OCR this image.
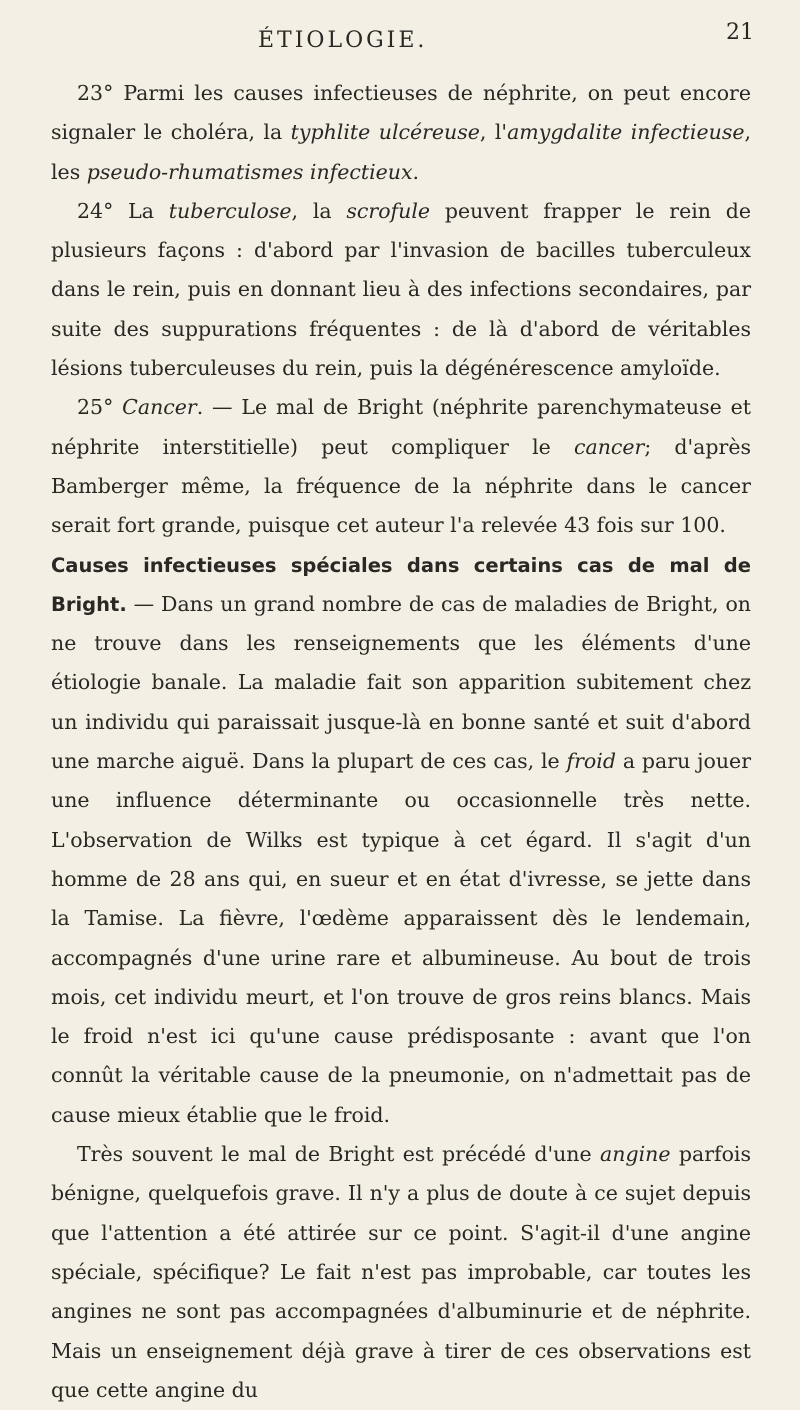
ÉTIOLOGIE.	21

23° Parmi les causes infectieuses de néphrite, on peut encore signaler le choléra, la typhlite ulcéreuse, l'amygdalite infectieuse, les pseudo-rhumatismes infectieux.

24° La tuberculose, la scrofule peuvent frapper le rein de plusieurs façons : d'abord par l'invasion de bacilles tuberculeux dans le rein, puis en donnant lieu à des infections secondaires, par suite des suppurations fréquentes : de là d'abord de véritables lésions tuberculeuses du rein, puis la dégénérescence amyloïde.

25° Cancer. — Le mal de Bright (néphrite parenchymateuse et néphrite interstitielle) peut compliquer le cancer; d'après Bamberger même, la fréquence de la néphrite dans le cancer serait fort grande, puisque cet auteur l'a relevée 43 fois sur 100.

Causes infectieuses spéciales dans certains cas de mal de Bright. — Dans un grand nombre de cas de maladies de Bright, on ne trouve dans les renseignements que les éléments d'une étiologie banale. La maladie fait son apparition subitement chez un individu qui paraissait jusque-là en bonne santé et suit d'abord une marche aiguë. Dans la plupart de ces cas, le froid a paru jouer une influence déterminante ou occasionnelle très nette. L'observation de Wilks est typique à cet égard. Il s'agit d'un homme de 28 ans qui, en sueur et en état d'ivresse, se jette dans la Tamise. La fièvre, l'œdème apparaissent dès le lendemain, accompagnés d'une urine rare et albumineuse. Au bout de trois mois, cet individu meurt, et l'on trouve de gros reins blancs. Mais le froid n'est ici qu'une cause prédisposante : avant que l'on connût la véritable cause de la pneumonie, on n'admettait pas de cause mieux établie que le froid.

Très souvent le mal de Bright est précédé d'une angine parfois bénigne, quelquefois grave. Il n'y a plus de doute à ce sujet depuis que l'attention a été attirée sur ce point. S'agit-il d'une angine spéciale, spécifique? Le fait n'est pas improbable, car toutes les angines ne sont pas accompagnées d'albuminurie et de néphrite. Mais un enseignement déjà grave à tirer de ces observations est que cette angine du
